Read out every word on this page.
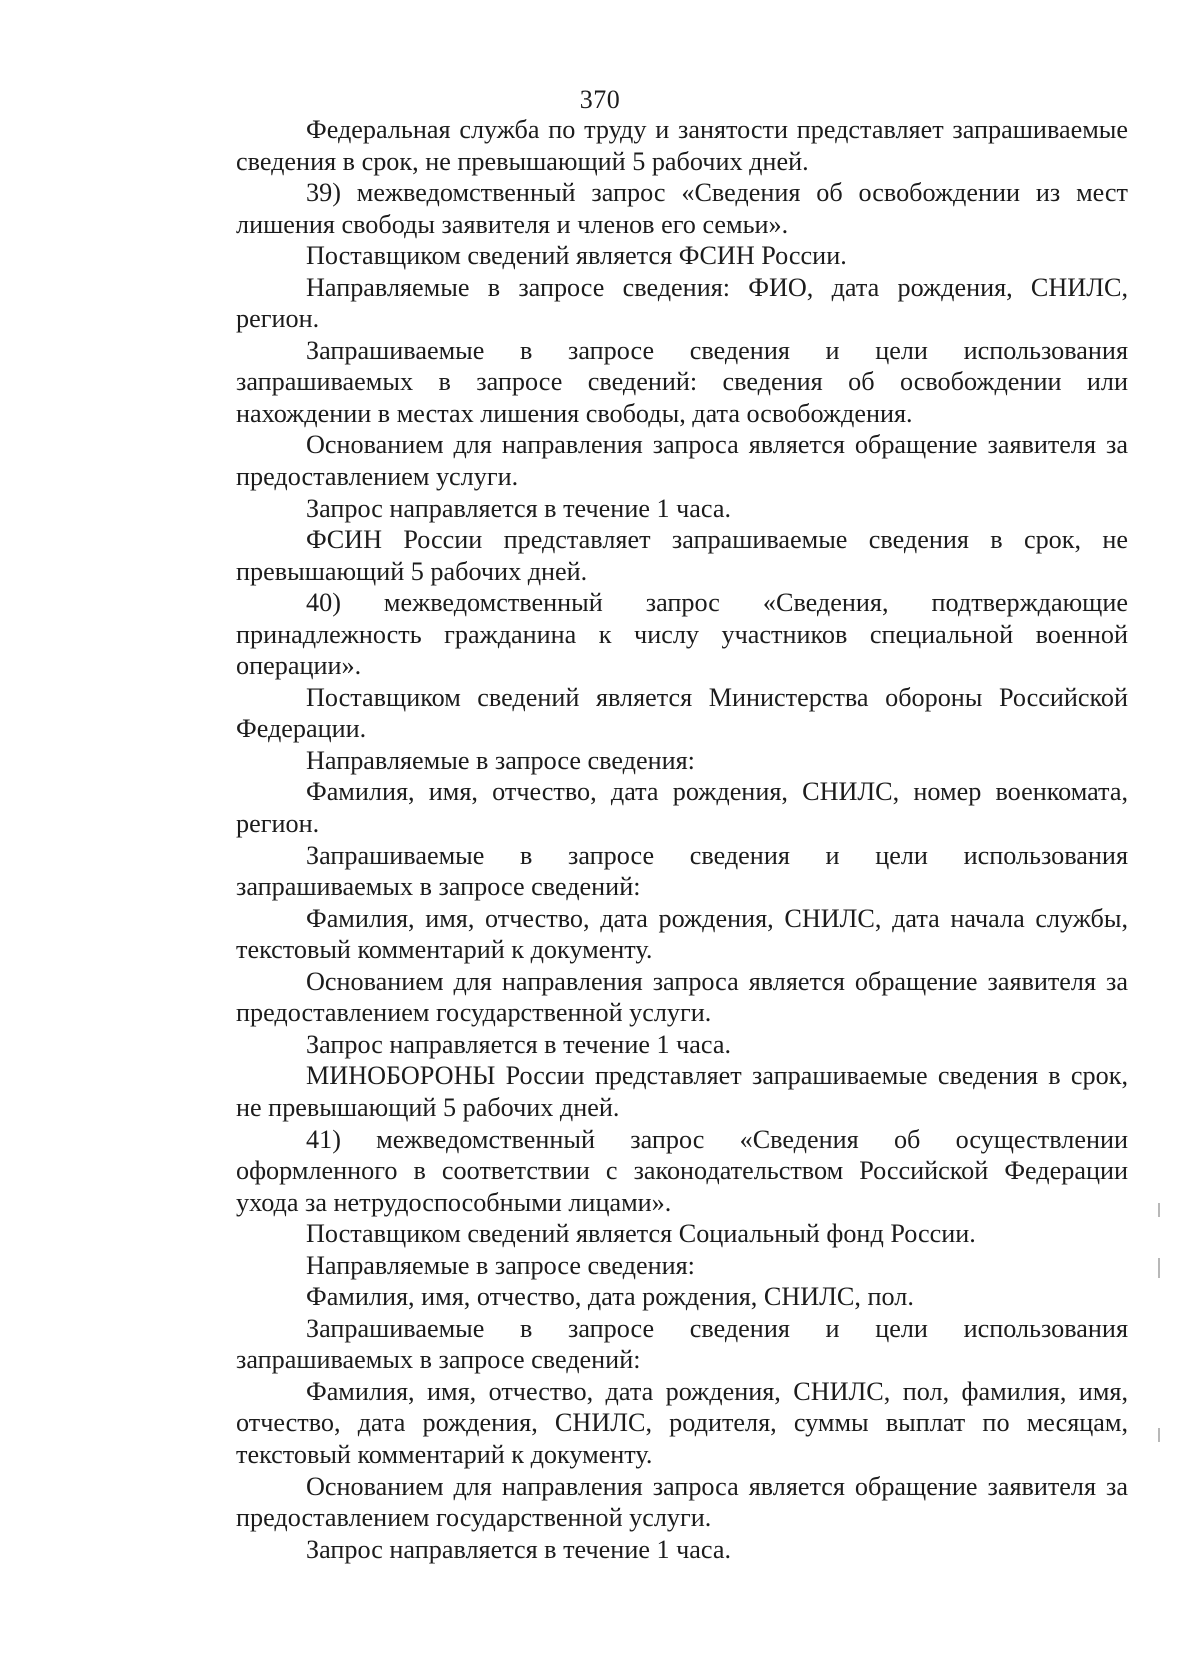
370

Федеральная служба по труду и занятости представляет запрашиваемые сведения в срок, не превышающий 5 рабочих дней.

39) межведомственный запрос «Сведения об освобождении из мест лишения свободы заявителя и членов его семьи».

Поставщиком сведений является ФСИН России.

Направляемые в запросе сведения: ФИО, дата рождения, СНИЛС, регион.

Запрашиваемые в запросе сведения и цели использования запрашиваемых в запросе сведений: сведения об освобождении или нахождении в местах лишения свободы, дата освобождения.

Основанием для направления запроса является обращение заявителя за предоставлением услуги.

Запрос направляется в течение 1 часа.

ФСИН России представляет запрашиваемые сведения в срок, не превышающий 5 рабочих дней.

40) межведомственный запрос «Сведения, подтверждающие принадлежность гражданина к числу участников специальной военной операции».

Поставщиком сведений является Министерства обороны Российской Федерации.

Направляемые в запросе сведения:

Фамилия, имя, отчество, дата рождения, СНИЛС, номер военкомата, регион.

Запрашиваемые в запросе сведения и цели использования запрашиваемых в запросе сведений:

Фамилия, имя, отчество, дата рождения, СНИЛС, дата начала службы, текстовый комментарий к документу.

Основанием для направления запроса является обращение заявителя за предоставлением государственной услуги.

Запрос направляется в течение 1 часа.

МИНОБОРОНЫ России представляет запрашиваемые сведения в срок, не превышающий 5 рабочих дней.

41) межведомственный запрос «Сведения об осуществлении оформленного в соответствии с законодательством Российской Федерации ухода за нетрудоспособными лицами».

Поставщиком сведений является Социальный фонд России.

Направляемые в запросе сведения:

Фамилия, имя, отчество, дата рождения, СНИЛС, пол.

Запрашиваемые в запросе сведения и цели использования запрашиваемых в запросе сведений:

Фамилия, имя, отчество, дата рождения, СНИЛС, пол, фамилия, имя, отчество, дата рождения, СНИЛС, родителя, суммы выплат по месяцам, текстовый комментарий к документу.

Основанием для направления запроса является обращение заявителя за предоставлением государственной услуги.

Запрос направляется в течение 1 часа.
